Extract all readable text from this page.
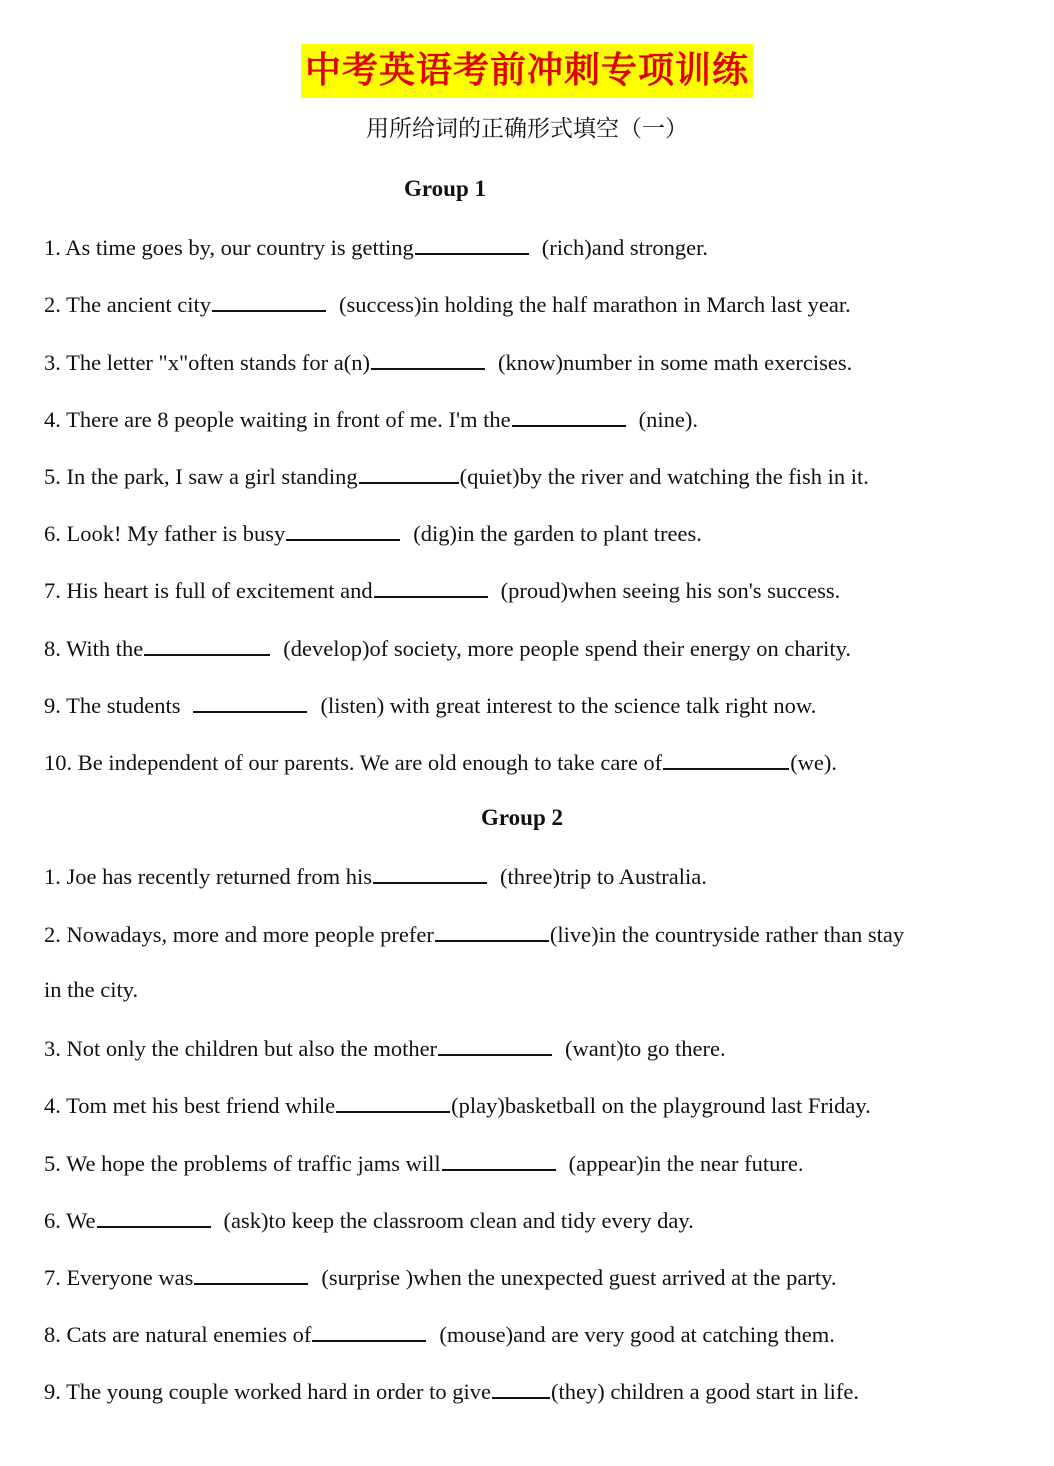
中考英语考前冲刺专项训练
用所给词的正确形式填空（一）
Group 1
1. As time goes by, our country is getting	(rich)and stronger.
2. The ancient city	(success)in holding the half marathon in March last year.
3. The letter "x"often stands for a(n)	(know)number in some math exercises.
4. There are 8 people waiting in front of me. I'm the	(nine).
5. In the park, I saw a girl standing	(quiet)by the river and watching the fish in it.
6. Look! My father is busy	(dig)in the garden to plant trees.
7. His heart is full of excitement and	(proud)when seeing his son's success.
8. With the	(develop)of society, more people spend their energy on charity.
9. The students	(listen) with great interest to the science talk right now.
10. Be independent of our parents. We are old enough to take care of	(we).
Group 2
1. Joe has recently returned from his	(three)trip to Australia.
2. Nowadays, more and more people prefer	(live)in the countryside rather than stay
in the city.
3. Not only the children but also the mother	(want)to go there.
4. Tom met his best friend while	(play)basketball on the playground last Friday.
5. We hope the problems of traffic jams will	(appear)in the near future.
6. We	(ask)to keep the classroom clean and tidy every day.
7. Everyone was	(surprise )when the unexpected guest arrived at the party.
8. Cats are natural enemies of	(mouse)and are very good at catching them.
9. The young couple worked hard in order to give	(they) children a good start in life.
